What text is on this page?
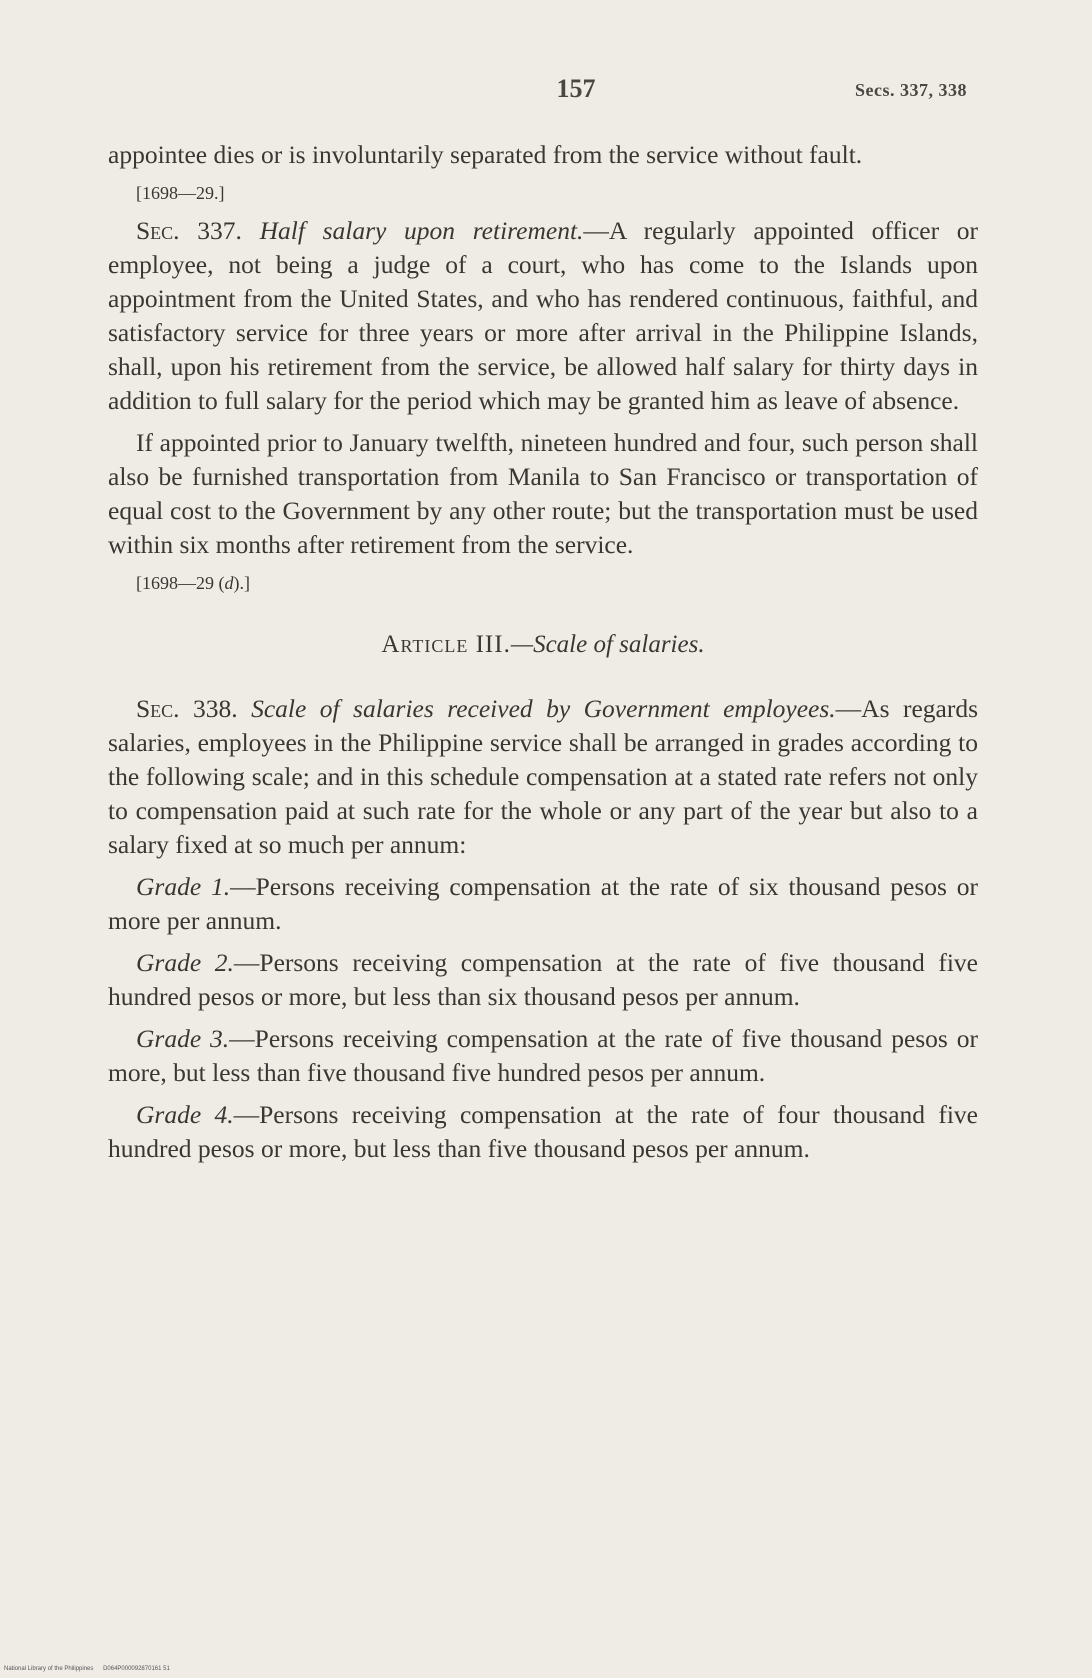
157	Secs. 337, 338

appointee dies or is involuntarily separated from the service without fault.

[1698—29.]

Sec. 337. Half salary upon retirement.—A regularly appointed officer or employee, not being a judge of a court, who has come to the Islands upon appointment from the United States, and who has rendered continuous, faithful, and satisfactory service for three years or more after arrival in the Philippine Islands, shall, upon his retirement from the service, be allowed half salary for thirty days in addition to full salary for the period which may be granted him as leave of absence.

If appointed prior to January twelfth, nineteen hundred and four, such person shall also be furnished transportation from Manila to San Francisco or transportation of equal cost to the Government by any other route; but the transportation must be used within six months after retirement from the service.

[1698—29 (d).]

Article III.—Scale of salaries.

Sec. 338. Scale of salaries received by Government employees.—As regards salaries, employees in the Philippine service shall be arranged in grades according to the following scale; and in this schedule compensation at a stated rate refers not only to compensation paid at such rate for the whole or any part of the year but also to a salary fixed at so much per annum:

Grade 1.—Persons receiving compensation at the rate of six thousand pesos or more per annum.

Grade 2.—Persons receiving compensation at the rate of five thousand five hundred pesos or more, but less than six thousand pesos per annum.

Grade 3.—Persons receiving compensation at the rate of five thousand pesos or more, but less than five thousand five hundred pesos per annum.

Grade 4.—Persons receiving compensation at the rate of four thousand five hundred pesos or more, but less than five thousand pesos per annum.

National Library of the Philippines D064P000092870161 51
